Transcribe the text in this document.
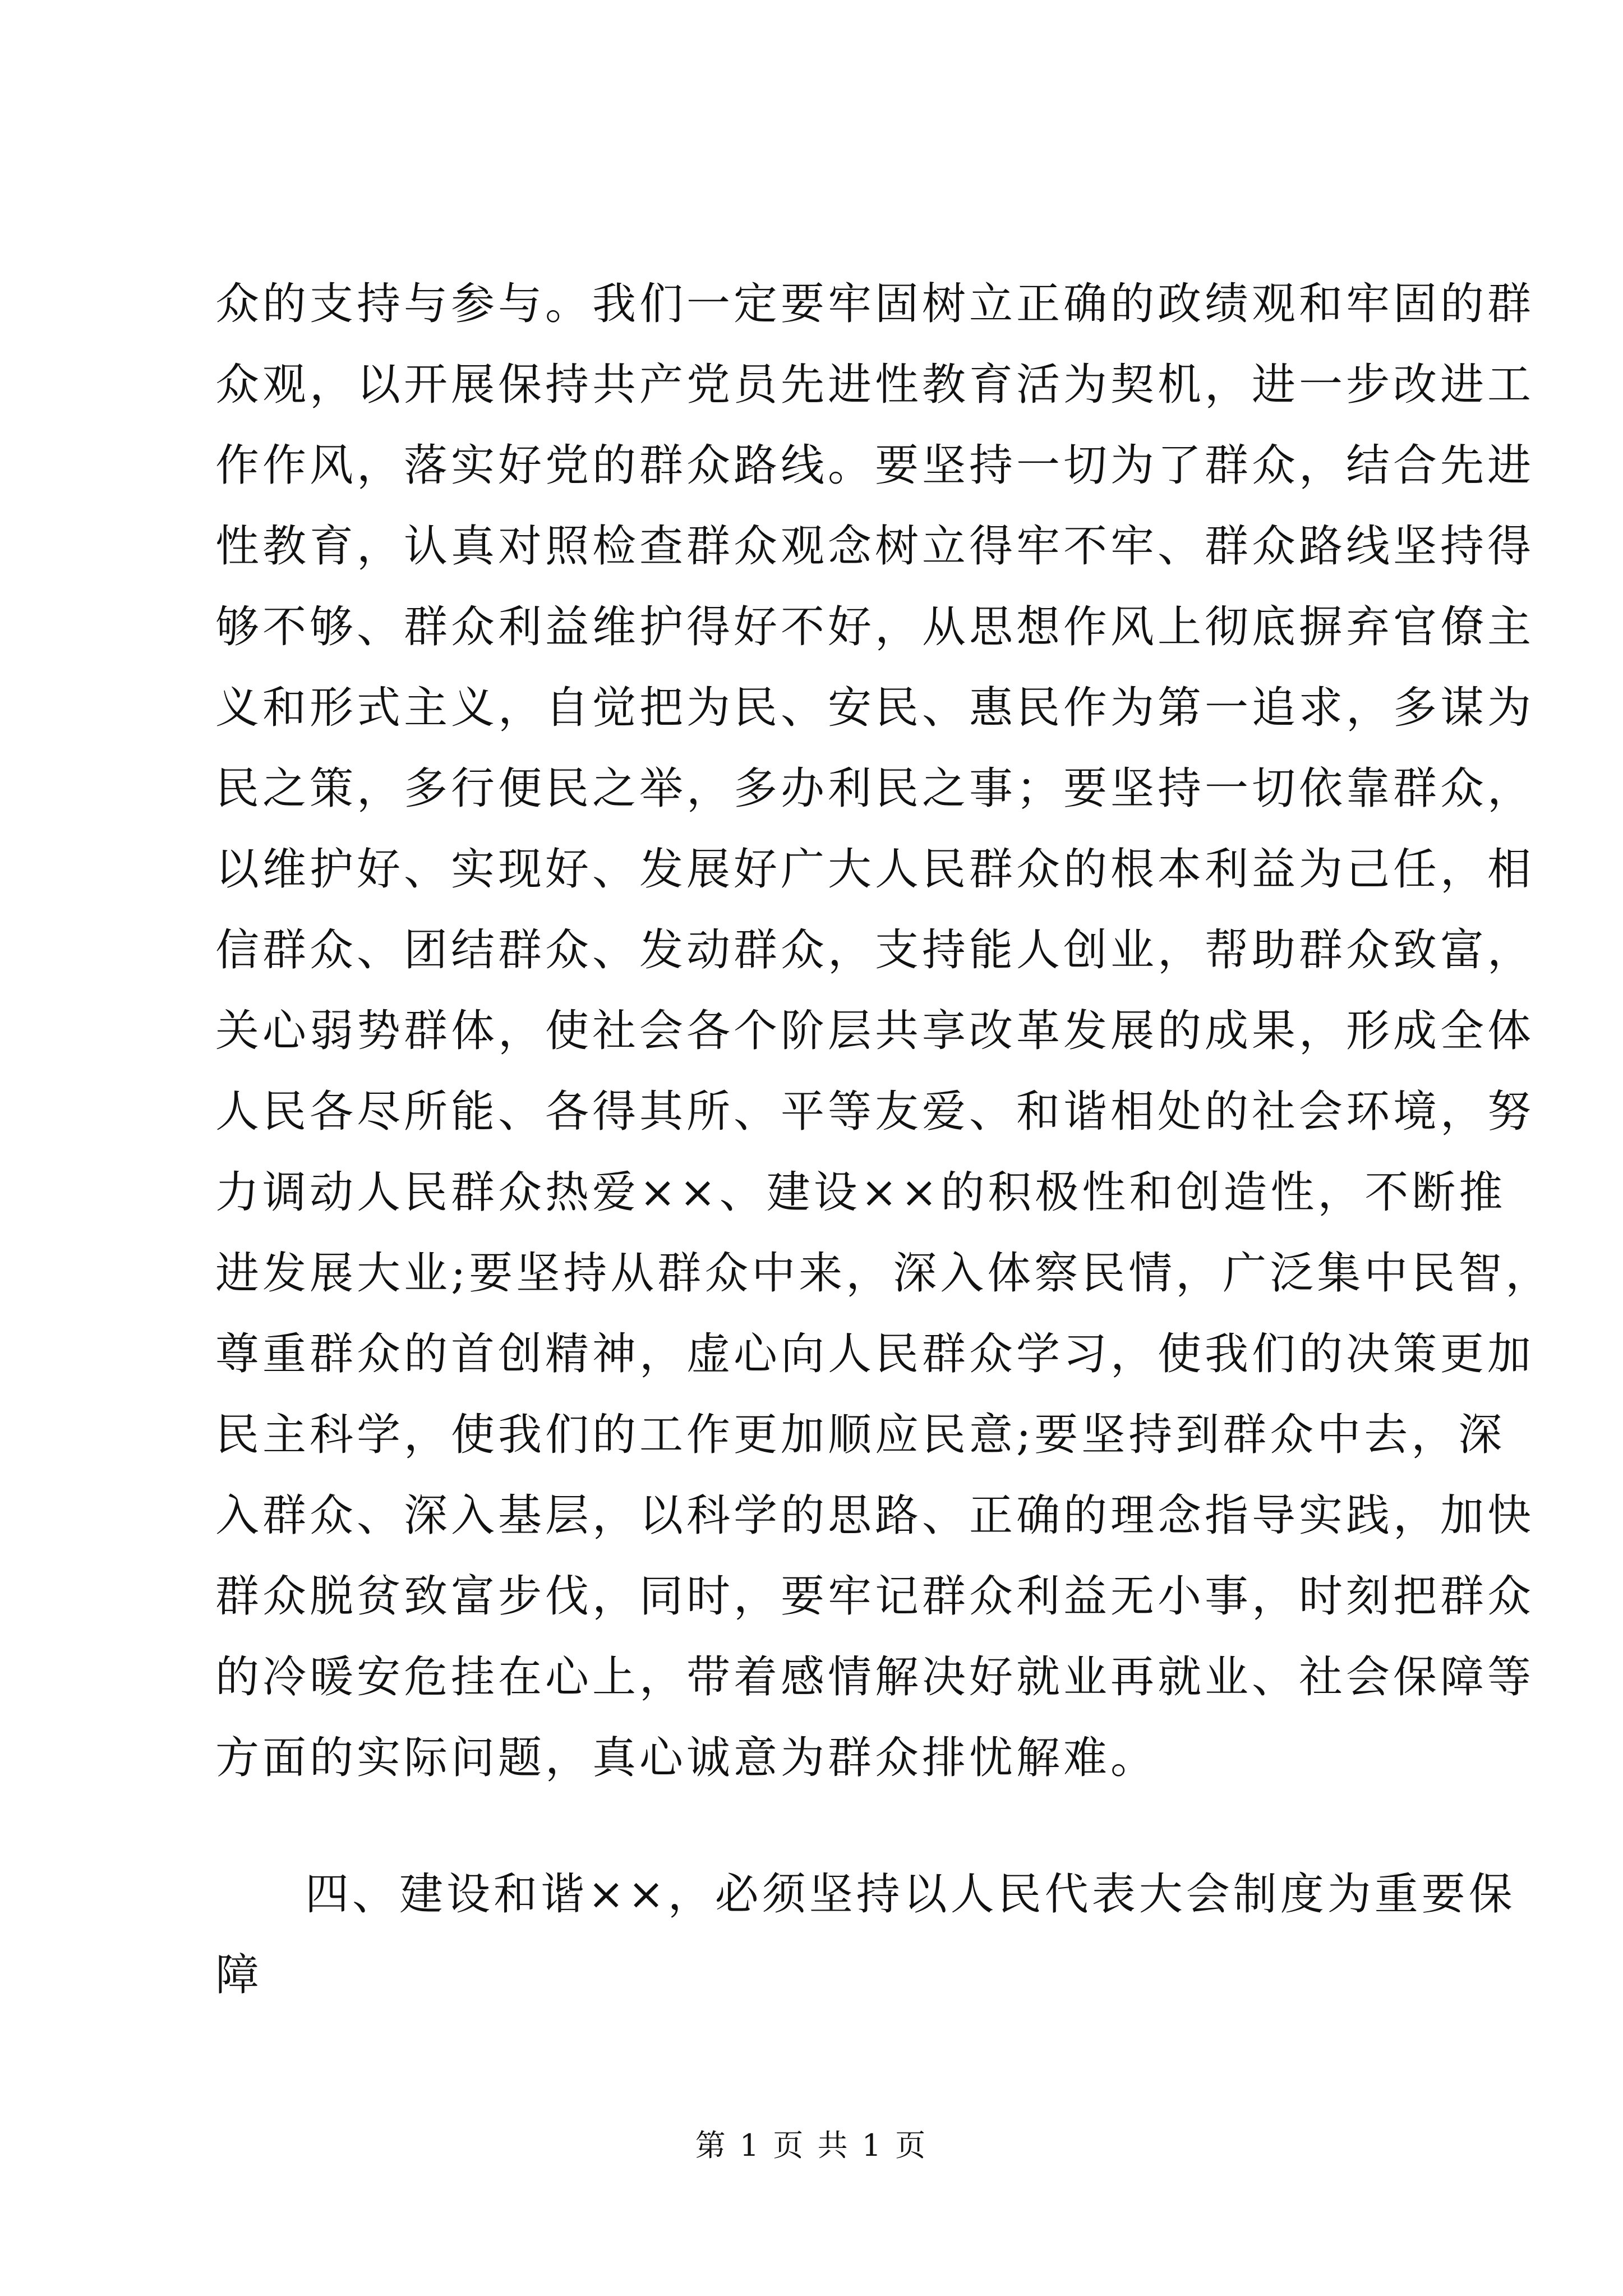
众的支持与参与。我们一定要牢固树立正确的政绩观和牢固的群
众观，以开展保持共产党员先进性教育活为契机，进一步改进工
作作风，落实好党的群众路线。要坚持一切为了群众，结合先进
性教育，认真对照检查群众观念树立得牢不牢、群众路线坚持得
够不够、群众利益维护得好不好，从思想作风上彻底摒弃官僚主
义和形式主义，自觉把为民、安民、惠民作为第一追求，多谋为
民之策，多行便民之举，多办利民之事；要坚持一切依靠群众，
以维护好、实现好、发展好广大人民群众的根本利益为己任，相
信群众、团结群众、发动群众，支持能人创业，帮助群众致富，
关心弱势群体，使社会各个阶层共享改革发展的成果，形成全体
人民各尽所能、各得其所、平等友爱、和谐相处的社会环境，努
力调动人民群众热爱××、建设××的积极性和创造性，不断推
进发展大业;要坚持从群众中来，深入体察民情，广泛集中民智，
尊重群众的首创精神，虚心向人民群众学习，使我们的决策更加
民主科学，使我们的工作更加顺应民意;要坚持到群众中去，深
入群众、深入基层，以科学的思路、正确的理念指导实践，加快
群众脱贫致富步伐，同时，要牢记群众利益无小事，时刻把群众
的冷暖安危挂在心上，带着感情解决好就业再就业、社会保障等
方面的实际问题，真心诚意为群众排忧解难。
四、建设和谐××，必须坚持以人民代表大会制度为重要保
障
第 1 页 共 1 页
